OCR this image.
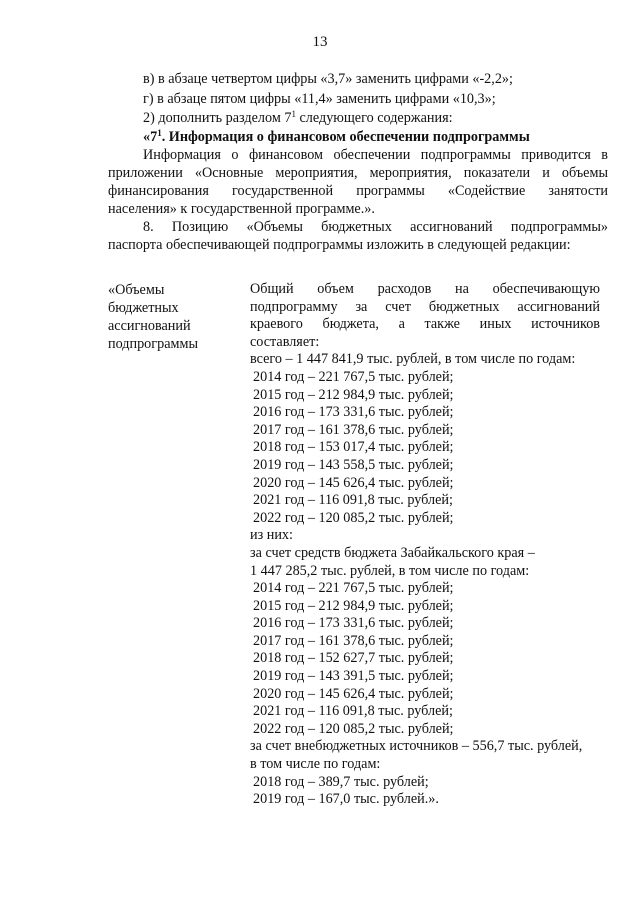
13
в) в абзаце четвертом цифры «3,7» заменить цифрами «-2,2»;
г) в абзаце пятом цифры «11,4» заменить цифрами «10,3»;
2) дополнить разделом $7^1$ следующего содержания:
«$7^1$. Информация о финансовом обеспечении подпрограммы
Информация о финансовом обеспечении подпрограммы приводится в
приложении «Основные мероприятия, мероприятия, показатели и объемы
финансирования государственной программы «Содействие занятости
населения» к государственной программе.».
8. Позицию «Объемы бюджетных ассигнований подпрограммы»
паспорта обеспечивающей подпрограммы изложить в следующей редакции:
«Объемы
бюджетных
ассигнований
подпрограммы
Общий объем расходов на обеспечивающую
подпрограмму за счет бюджетных ассигнований
краевого бюджета, а также иных источников
составляет:
всего – 1 447 841,9 тыс. рублей, в том числе по годам:
2014 год – 221 767,5 тыс. рублей;
2015 год – 212 984,9 тыс. рублей;
2016 год – 173 331,6 тыс. рублей;
2017 год – 161 378,6 тыс. рублей;
2018 год – 153 017,4 тыс. рублей;
2019 год – 143 558,5 тыс. рублей;
2020 год – 145 626,4 тыс. рублей;
2021 год – 116 091,8 тыс. рублей;
2022 год – 120 085,2 тыс. рублей;
из них:
за счет средств бюджета Забайкальского края –
1 447 285,2 тыс. рублей, в том числе по годам:
2014 год – 221 767,5 тыс. рублей;
2015 год – 212 984,9 тыс. рублей;
2016 год – 173 331,6 тыс. рублей;
2017 год – 161 378,6 тыс. рублей;
2018 год – 152 627,7 тыс. рублей;
2019 год – 143 391,5 тыс. рублей;
2020 год – 145 626,4 тыс. рублей;
2021 год – 116 091,8 тыс. рублей;
2022 год – 120 085,2 тыс. рублей;
за счет внебюджетных источников – 556,7 тыс. рублей,
в том числе по годам:
2018 год – 389,7 тыс. рублей;
2019 год – 167,0 тыс. рублей.».
